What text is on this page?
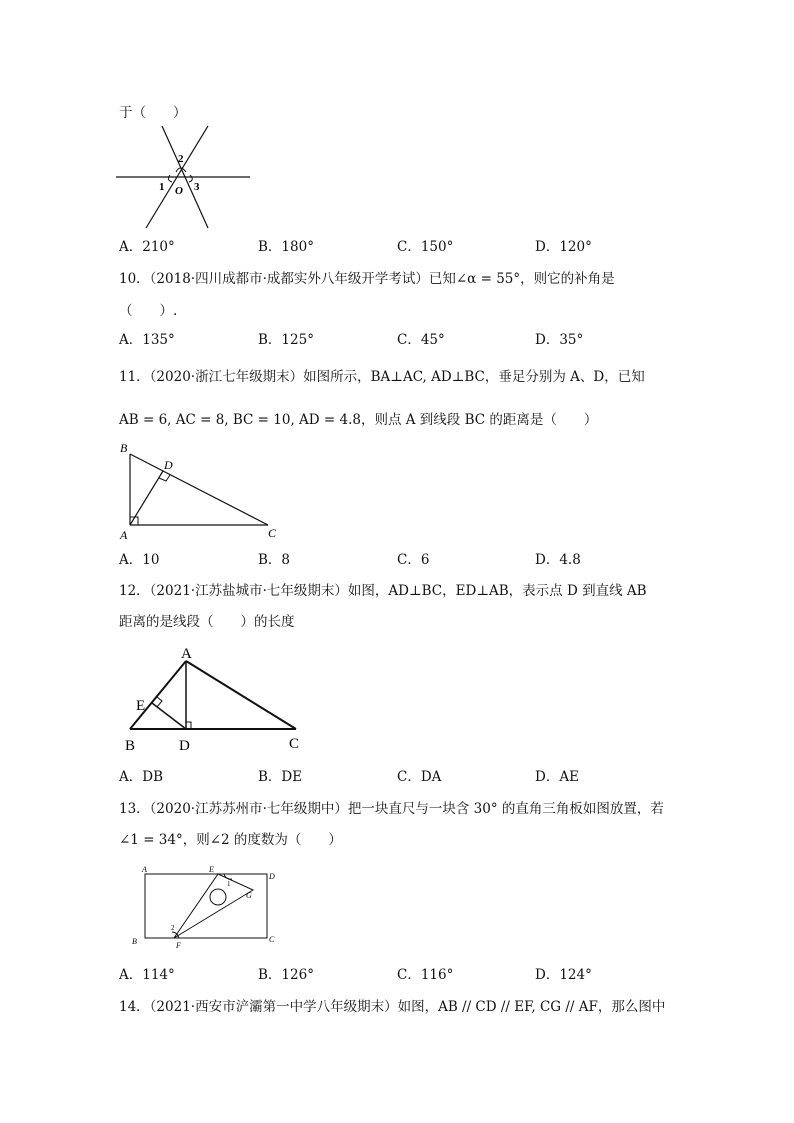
于（　　）
2
1	3
O
A．210°	B．180°	C．150°	D．120°
10．（2018·四川成都市·成都实外八年级开学考试）已知∠α = 55°，则它的补角是
（　　）.
A．135°	B．125°	C．45°	D．35°
11．（2020·浙江七年级期末）如图所示，BA⊥AC, AD⊥BC，垂足分别为 A、D，已知
AB = 6, AC = 8, BC = 10, AD = 4.8，则点 A 到线段 BC 的距离是（　　）
B
D
A	C
A．10	B．8	C．6	D．4.8
12．（2021·江苏盐城市·七年级期末）如图，AD⊥BC，ED⊥AB，表示点 D 到直线 AB
距离的是线段（　　）的长度
A
E
B	D	C
A．DB	B．DE	C．DA	D．AE
13．（2020·江苏苏州市·七年级期中）把一块直尺与一块含 30° 的直角三角板如图放置，若
∠1 = 34°，则∠2 的度数为（　　）
A	E
D
G
B	F
C
1
2
A．114°	B．126°	C．116°	D．124°
14．（2021·西安市浐灞第一中学八年级期末）如图，AB // CD // EF, CG // AF，那么图中
